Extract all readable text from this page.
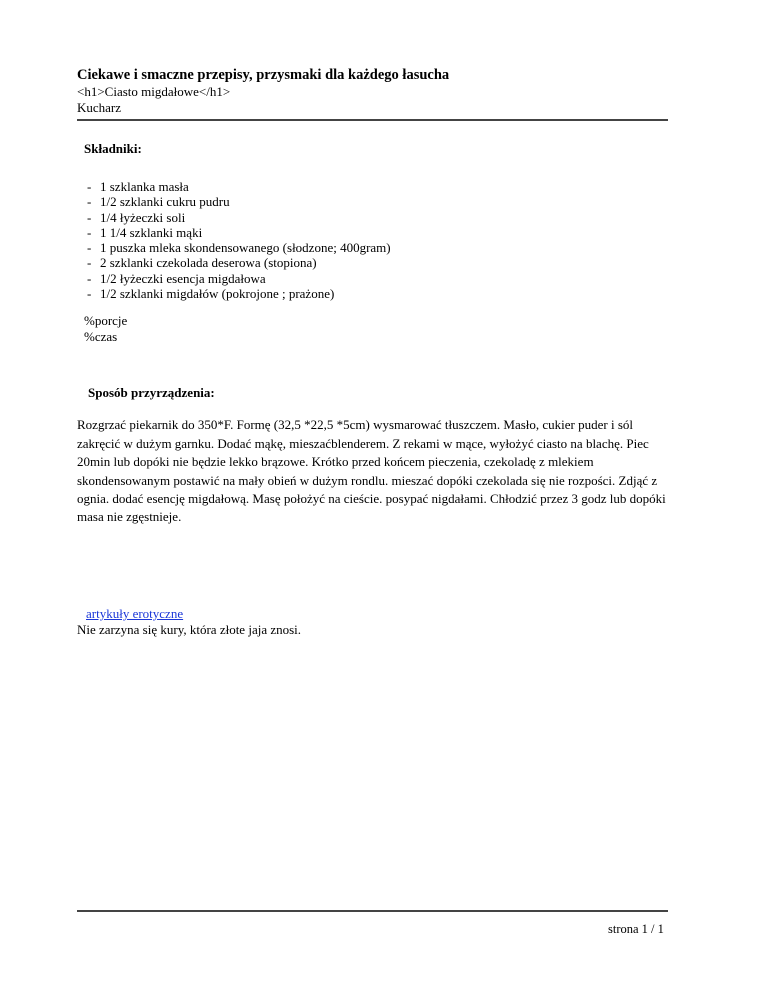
Ciekawe i smaczne przepisy, przysmaki dla każdego łasucha

<h1>Ciasto migdałowe</h1>

Kucharz

Składniki:

- 1 szklanka masła
- 1/2 szklanki cukru pudru
- 1/4 łyżeczki soli
- 1 1/4 szklanki mąki
- 1 puszka mleka skondensowanego (słodzone; 400gram)
- 2 szklanki czekolada deserowa (stopiona)
- 1/2 łyżeczki esencja migdałowa
- 1/2 szklanki migdałów (pokrojone ; prażone)
%porcje
%czas

Sposób przyrządzenia:

Rozgrzać piekarnik do 350*F. Formę (32,5 *22,5 *5cm) wysmarować tłuszczem. Masło, cukier puder i sól zakręcić w dużym garnku. Dodać mąkę, mieszaćblenderem. Z rekami w mące, wyłożyć ciasto na blachę. Piec 20min lub dopóki nie będzie lekko brązowe. Krótko przed końcem pieczenia, czekoladę z mlekiem skondensowanym postawić na mały obień w dużym rondlu. mieszać dopóki czekolada się nie rozpości. Zdjąć z ognia. dodać esencję migdałową. Masę położyć na cieście. posypać nigdałami. Chłodzić przez 3 godz lub dopóki masa nie zgęstnieje.

artykuły erotyczne

Nie zarzyna się kury, która złote jaja znosi.

strona 1 / 1
